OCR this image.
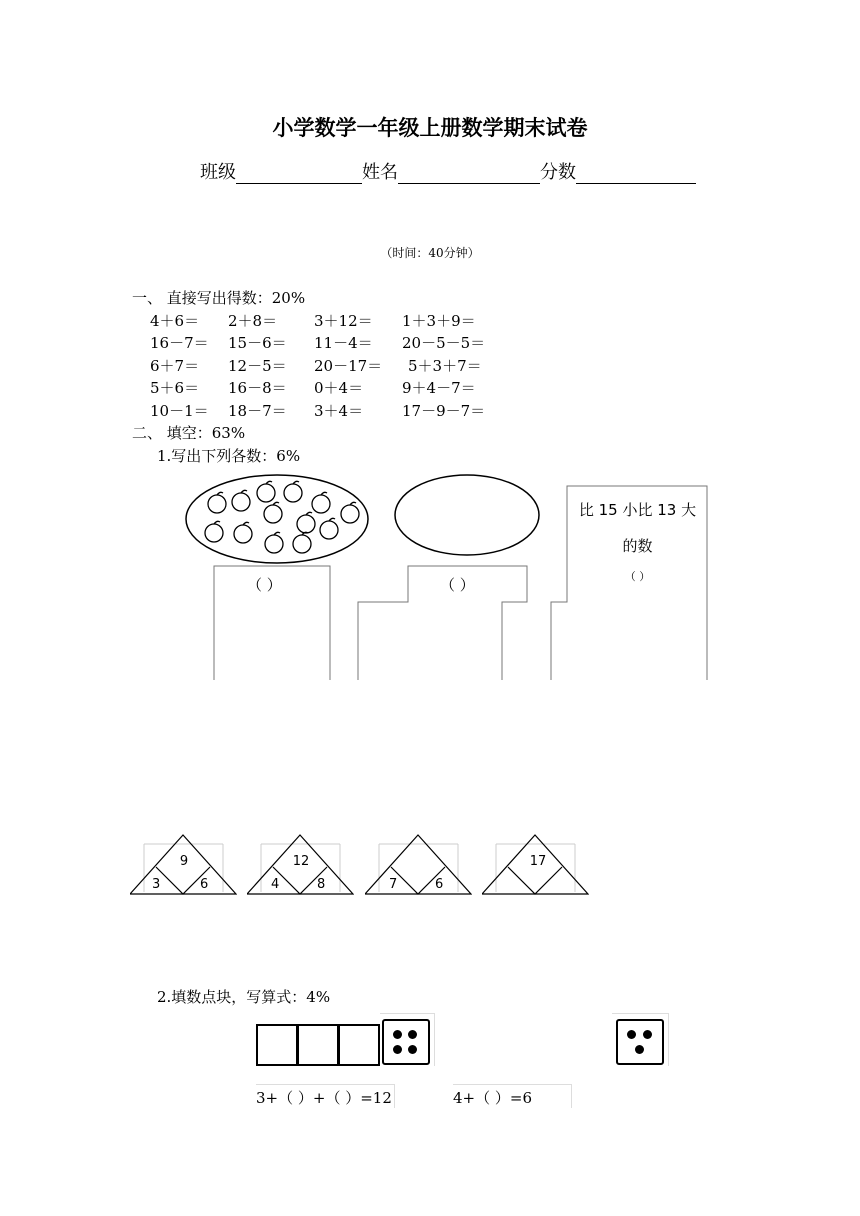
小学数学一年级上册数学期末试卷
班级	姓名	分数
（时间：40分钟）
一、 直接写出得数：20%
4＋6＝ 2＋8＝ 3＋12＝ 1＋3＋9＝
16－7＝ 15－6＝ 11－4＝ 20－5－5＝
6＋7＝ 12－5＝ 20－17＝ 5＋3＋7＝
5＋6＝ 16－8＝ 0＋4＝	9＋4－7＝
10－1＝ 18－7＝ 3＋4＝	17－9－7＝
二、 填空：63%
1.写出下列各数：6%
（ ）	（ ）
比 15 小比 13 大
的数
（ ）
9
3	6
12
4	8	7	6
17
2.填数点块，写算式：4%
3+（ ）+（ ）=12	4+（ ）=6
